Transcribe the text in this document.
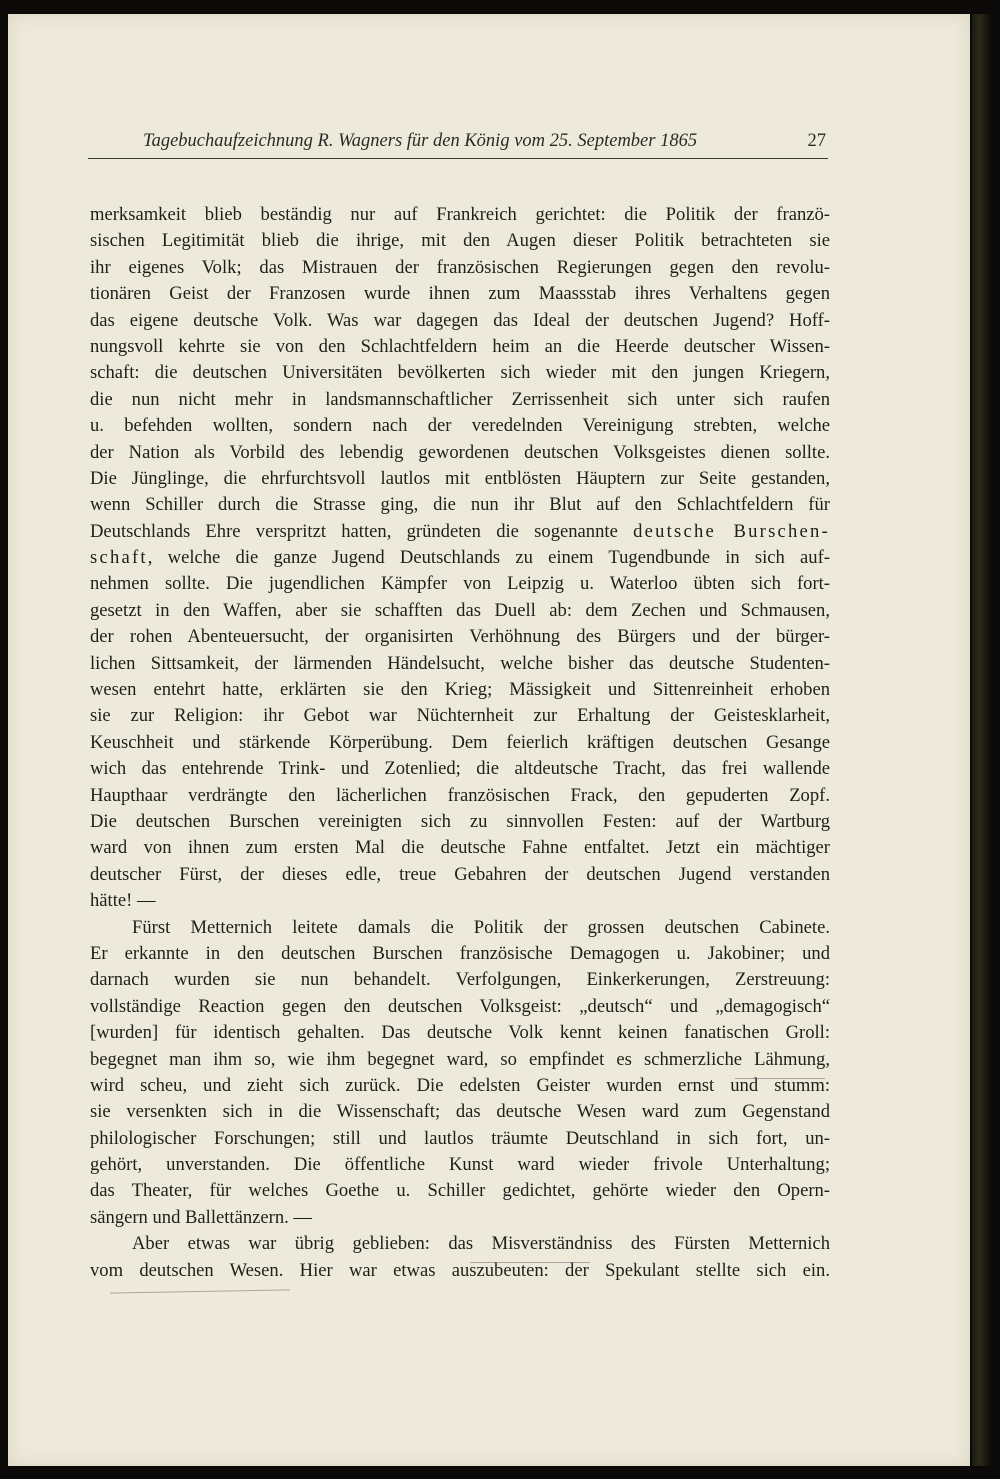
Tagebuchaufzeichnung R. Wagners für den König vom 25. September 1865	27
merksamkeit blieb beständig nur auf Frankreich gerichtet: die Politik der franzö-
sischen Legitimität blieb die ihrige, mit den Augen dieser Politik betrachteten sie
ihr eigenes Volk; das Mistrauen der französischen Regierungen gegen den revolu-
tionären Geist der Franzosen wurde ihnen zum Maassstab ihres Verhaltens gegen
das eigene deutsche Volk. Was war dagegen das Ideal der deutschen Jugend? Hoff-
nungsvoll kehrte sie von den Schlachtfeldern heim an die Heerde deutscher Wissen-
schaft: die deutschen Universitäten bevölkerten sich wieder mit den jungen Kriegern,
die nun nicht mehr in landsmannschaftlicher Zerrissenheit sich unter sich raufen
u. befehden wollten, sondern nach der veredelnden Vereinigung strebten, welche
der Nation als Vorbild des lebendig gewordenen deutschen Volksgeistes dienen sollte.
Die Jünglinge, die ehrfurchtsvoll lautlos mit entblösten Häuptern zur Seite gestanden,
wenn Schiller durch die Strasse ging, die nun ihr Blut auf den Schlachtfeldern für
Deutschlands Ehre verspritzt hatten, gründeten die sogenannte deutsche Burschen-
schaft, welche die ganze Jugend Deutschlands zu einem Tugendbunde in sich auf-
nehmen sollte. Die jugendlichen Kämpfer von Leipzig u. Waterloo übten sich fort-
gesetzt in den Waffen, aber sie schafften das Duell ab: dem Zechen und Schmausen,
der rohen Abenteuersucht, der organisirten Verhöhnung des Bürgers und der bürger-
lichen Sittsamkeit, der lärmenden Händelsucht, welche bisher das deutsche Studenten-
wesen entehrt hatte, erklärten sie den Krieg; Mässigkeit und Sittenreinheit erhoben
sie zur Religion: ihr Gebot war Nüchternheit zur Erhaltung der Geistesklarheit,
Keuschheit und stärkende Körperübung. Dem feierlich kräftigen deutschen Gesange
wich das entehrende Trink- und Zotenlied; die altdeutsche Tracht, das frei wallende
Haupthaar verdrängte den lächerlichen französischen Frack, den gepuderten Zopf.
Die deutschen Burschen vereinigten sich zu sinnvollen Festen: auf der Wartburg
ward von ihnen zum ersten Mal die deutsche Fahne entfaltet. Jetzt ein mächtiger
deutscher Fürst, der dieses edle, treue Gebahren der deutschen Jugend verstanden
hätte! —
Fürst Metternich leitete damals die Politik der grossen deutschen Cabinete.
Er erkannte in den deutschen Burschen französische Demagogen u. Jakobiner; und
darnach wurden sie nun behandelt. Verfolgungen, Einkerkerungen, Zerstreuung:
vollständige Reaction gegen den deutschen Volksgeist: „deutsch“ und „demagogisch“
[wurden] für identisch gehalten. Das deutsche Volk kennt keinen fanatischen Groll:
begegnet man ihm so, wie ihm begegnet ward, so empfindet es schmerzliche Lähmung,
wird scheu, und zieht sich zurück. Die edelsten Geister wurden ernst und stumm:
sie versenkten sich in die Wissenschaft; das deutsche Wesen ward zum Gegenstand
philologischer Forschungen; still und lautlos träumte Deutschland in sich fort, un-
gehört, unverstanden. Die öffentliche Kunst ward wieder frivole Unterhaltung;
das Theater, für welches Goethe u. Schiller gedichtet, gehörte wieder den Opern-
sängern und Ballettänzern. —
Aber etwas war übrig geblieben: das Misverständniss des Fürsten Metternich
vom deutschen Wesen. Hier war etwas auszubeuten: der Spekulant stellte sich ein.
